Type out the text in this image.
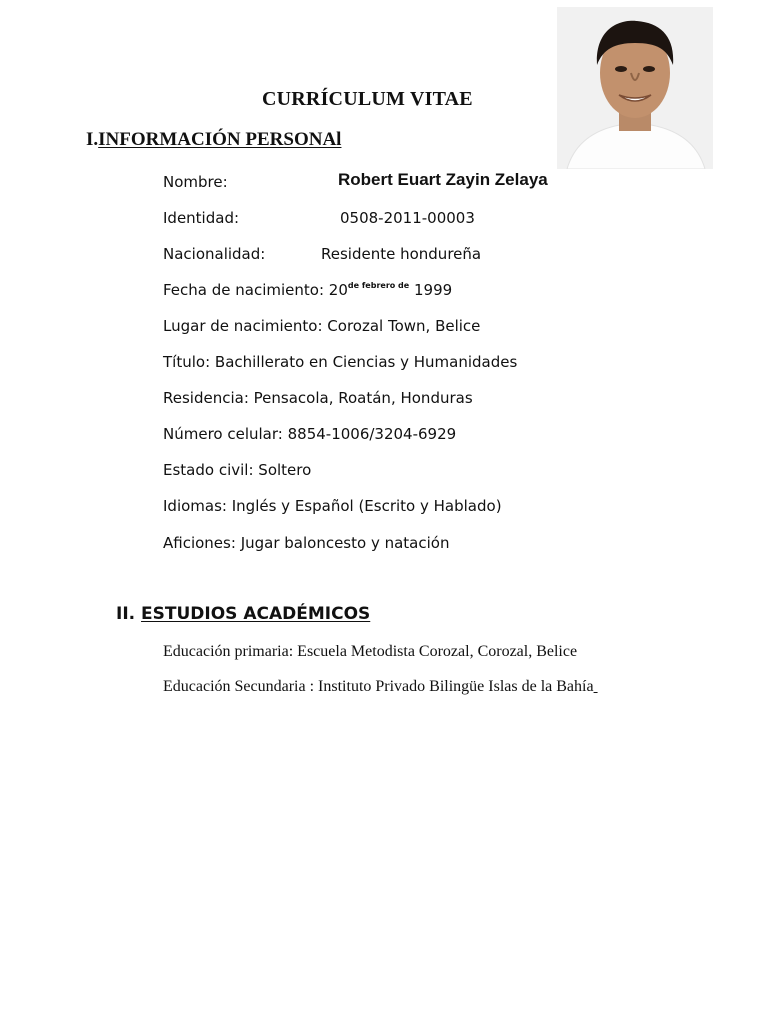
CURRÍCULUM VITAE
I.INFORMACIÓN PERSONAl
Nombre:	Robert Euart Zayin Zelaya
Identidad:	0508-2011-00003
Nacionalidad:	Residente hondureña
Fecha de nacimiento: $20^{de febrero de}$ 1999
Lugar de nacimiento: Corozal Town, Belice
Título: Bachillerato en Ciencias y Humanidades
Residencia: Pensacola, Roatán, Honduras
Número celular: 8854-1006/3204-6929
Estado civil: Soltero
Idiomas: Inglés y Español (Escrito y Hablado)
Aficiones: Jugar baloncesto y natación
II. ESTUDIOS ACADÉMICOS
Educación primaria: Escuela Metodista Corozal, Corozal, Belice
Educación Secundaria : Instituto Privado Bilingüe Islas de la Bahía
